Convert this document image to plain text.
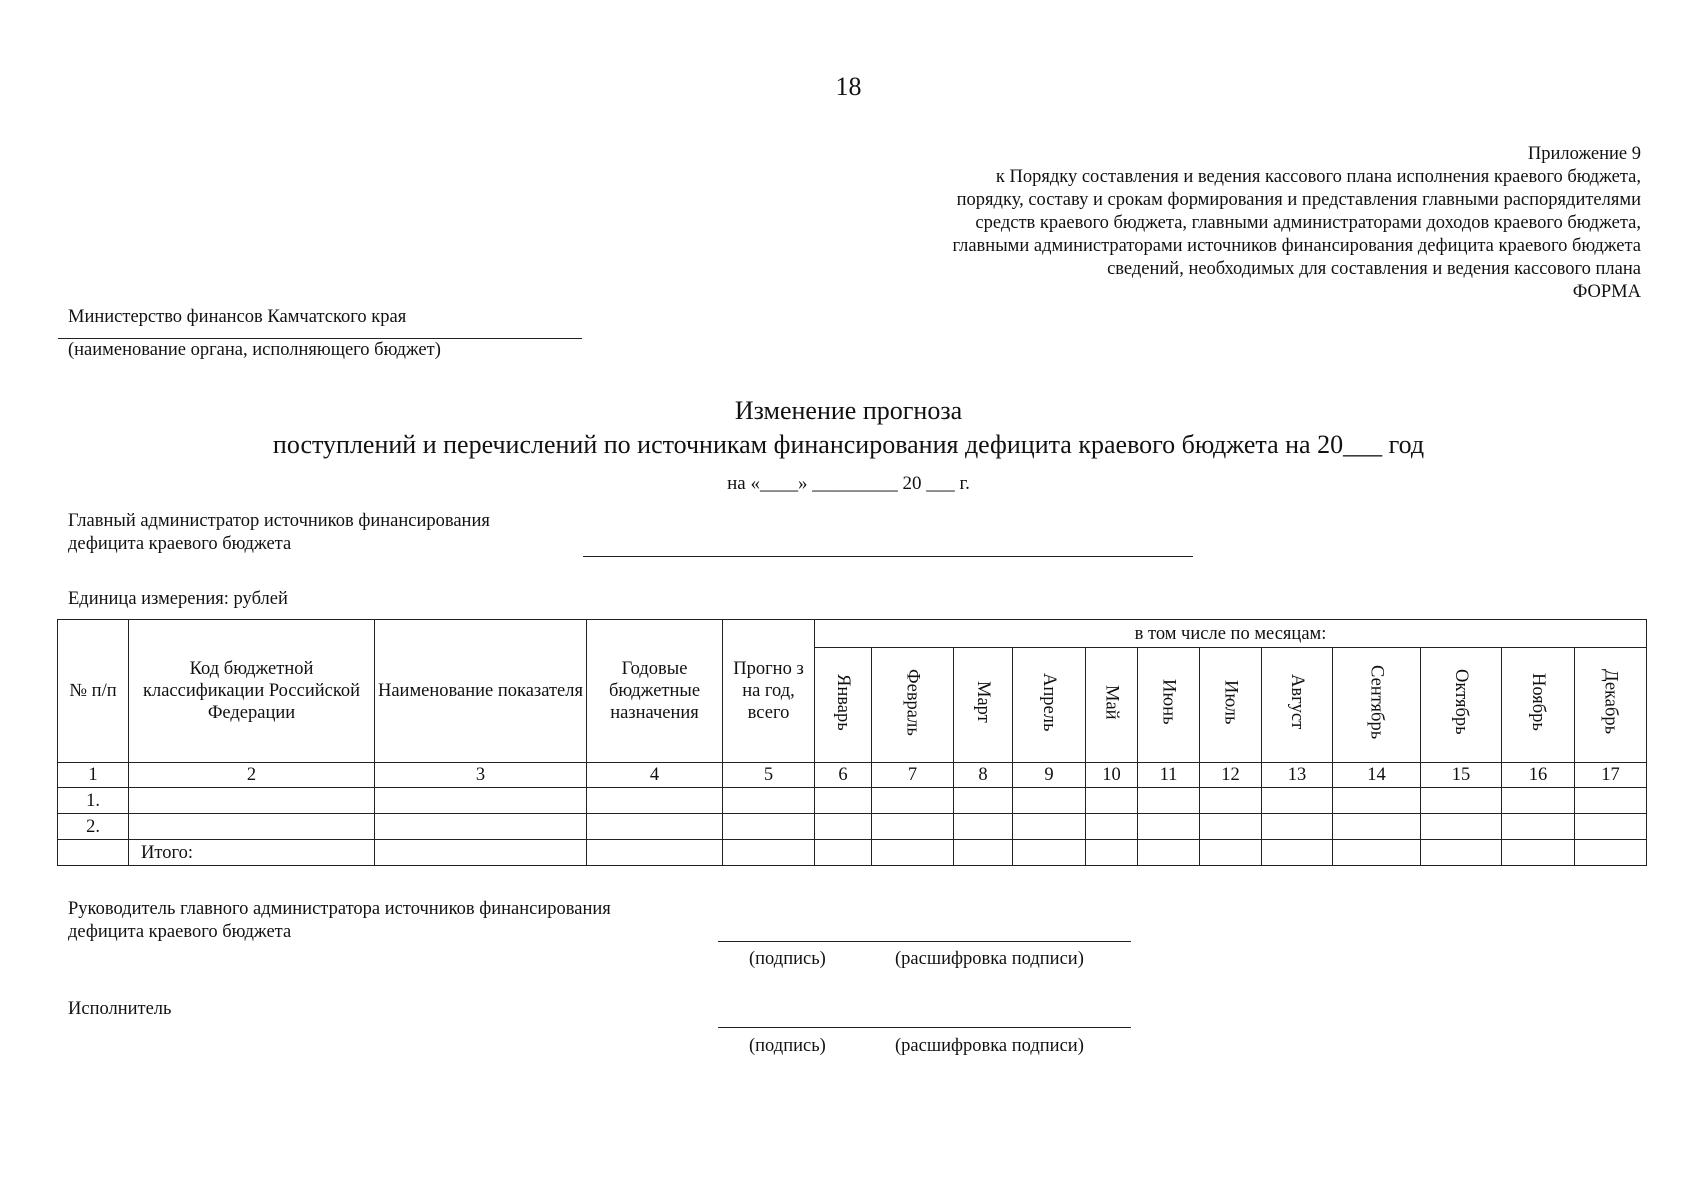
18
Приложение 9
к Порядку составления и ведения кассового плана исполнения краевого бюджета,
порядку, составу и срокам формирования и представления главными распорядителями
средств краевого бюджета, главными администраторами доходов краевого бюджета,
главными администраторами источников финансирования дефицита краевого бюджета
сведений, необходимых для составления и ведения кассового плана
ФОРМА
Министерство финансов Камчатского края
(наименование органа, исполняющего бюджет)
Изменение прогноза
поступлений и перечислений по источникам финансирования дефицита краевого бюджета на 20___ год
на «____» _________ 20 ___ г.
Главный администратор источников финансирования
дефицита краевого бюджета
Единица измерения: рублей
№ п/п	Код бюджетной классификации Российской Федерации	Наименование показателя	Годовые бюджетные назначения	Прогно з на год, всего	в том числе по месяцам:											
					Январь	Февраль	Март	Апрель	Май	Июнь	Июль	Август	Сентябрь	Октябрь	Ноябрь	Декабрь
1	2	3	4	5	6	7	8	9	10	11	12	13	14	15	16	17
1.																
2.																
	Итого:															
Руководитель главного администратора источников финансирования
дефицита краевого бюджета
(подпись)	(расшифровка подписи)
Исполнитель
(подпись)	(расшифровка подписи)
